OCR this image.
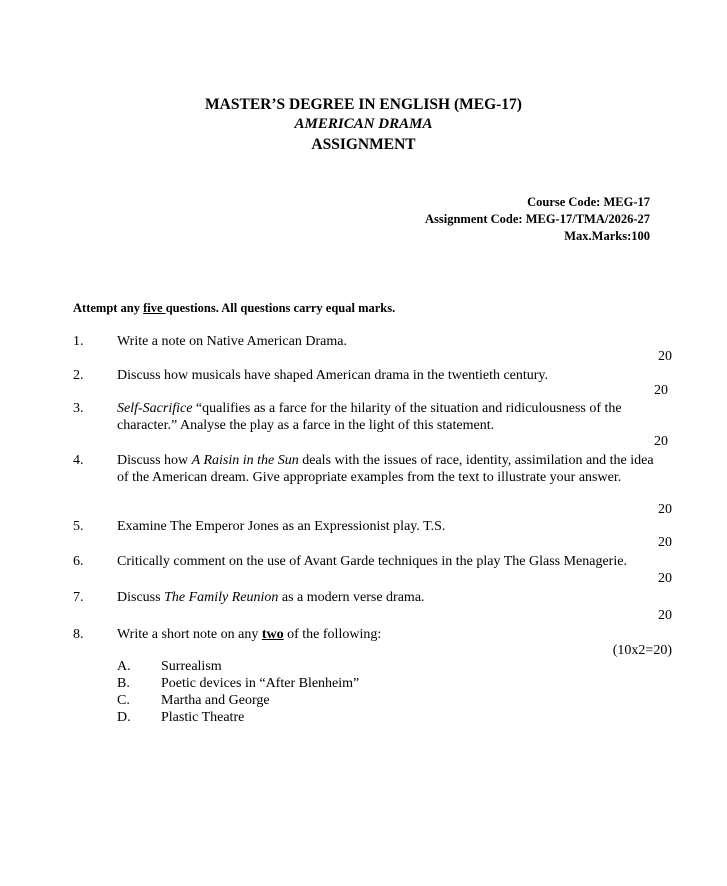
MASTER’S DEGREE IN ENGLISH (MEG-17)
AMERICAN DRAMA
ASSIGNMENT
Course Code: MEG-17
Assignment Code: MEG-17/TMA/2026-27
Max.Marks:100
Attempt any five questions. All questions carry equal marks.
1. Write a note on Native American Drama.
20
2. Discuss how musicals have shaped American drama in the twentieth century.
20
3. Self-Sacrifice “qualifies as a farce for the hilarity of the situation and ridiculousness of the character.” Analyse the play as a farce in the light of this statement.
20
4. Discuss how A Raisin in the Sun deals with the issues of race, identity, assimilation and the idea of the American dream. Give appropriate examples from the text to illustrate your answer.
20
5. Examine The Emperor Jones as an Expressionist play. T.S.
20
6. Critically comment on the use of Avant Garde techniques in the play The Glass Menagerie.
20
7. Discuss The Family Reunion as a modern verse drama.
20
8. Write a short note on any two of the following:
(10x2=20)
A. Surrealism
B. Poetic devices in “After Blenheim”
C. Martha and George
D. Plastic Theatre
